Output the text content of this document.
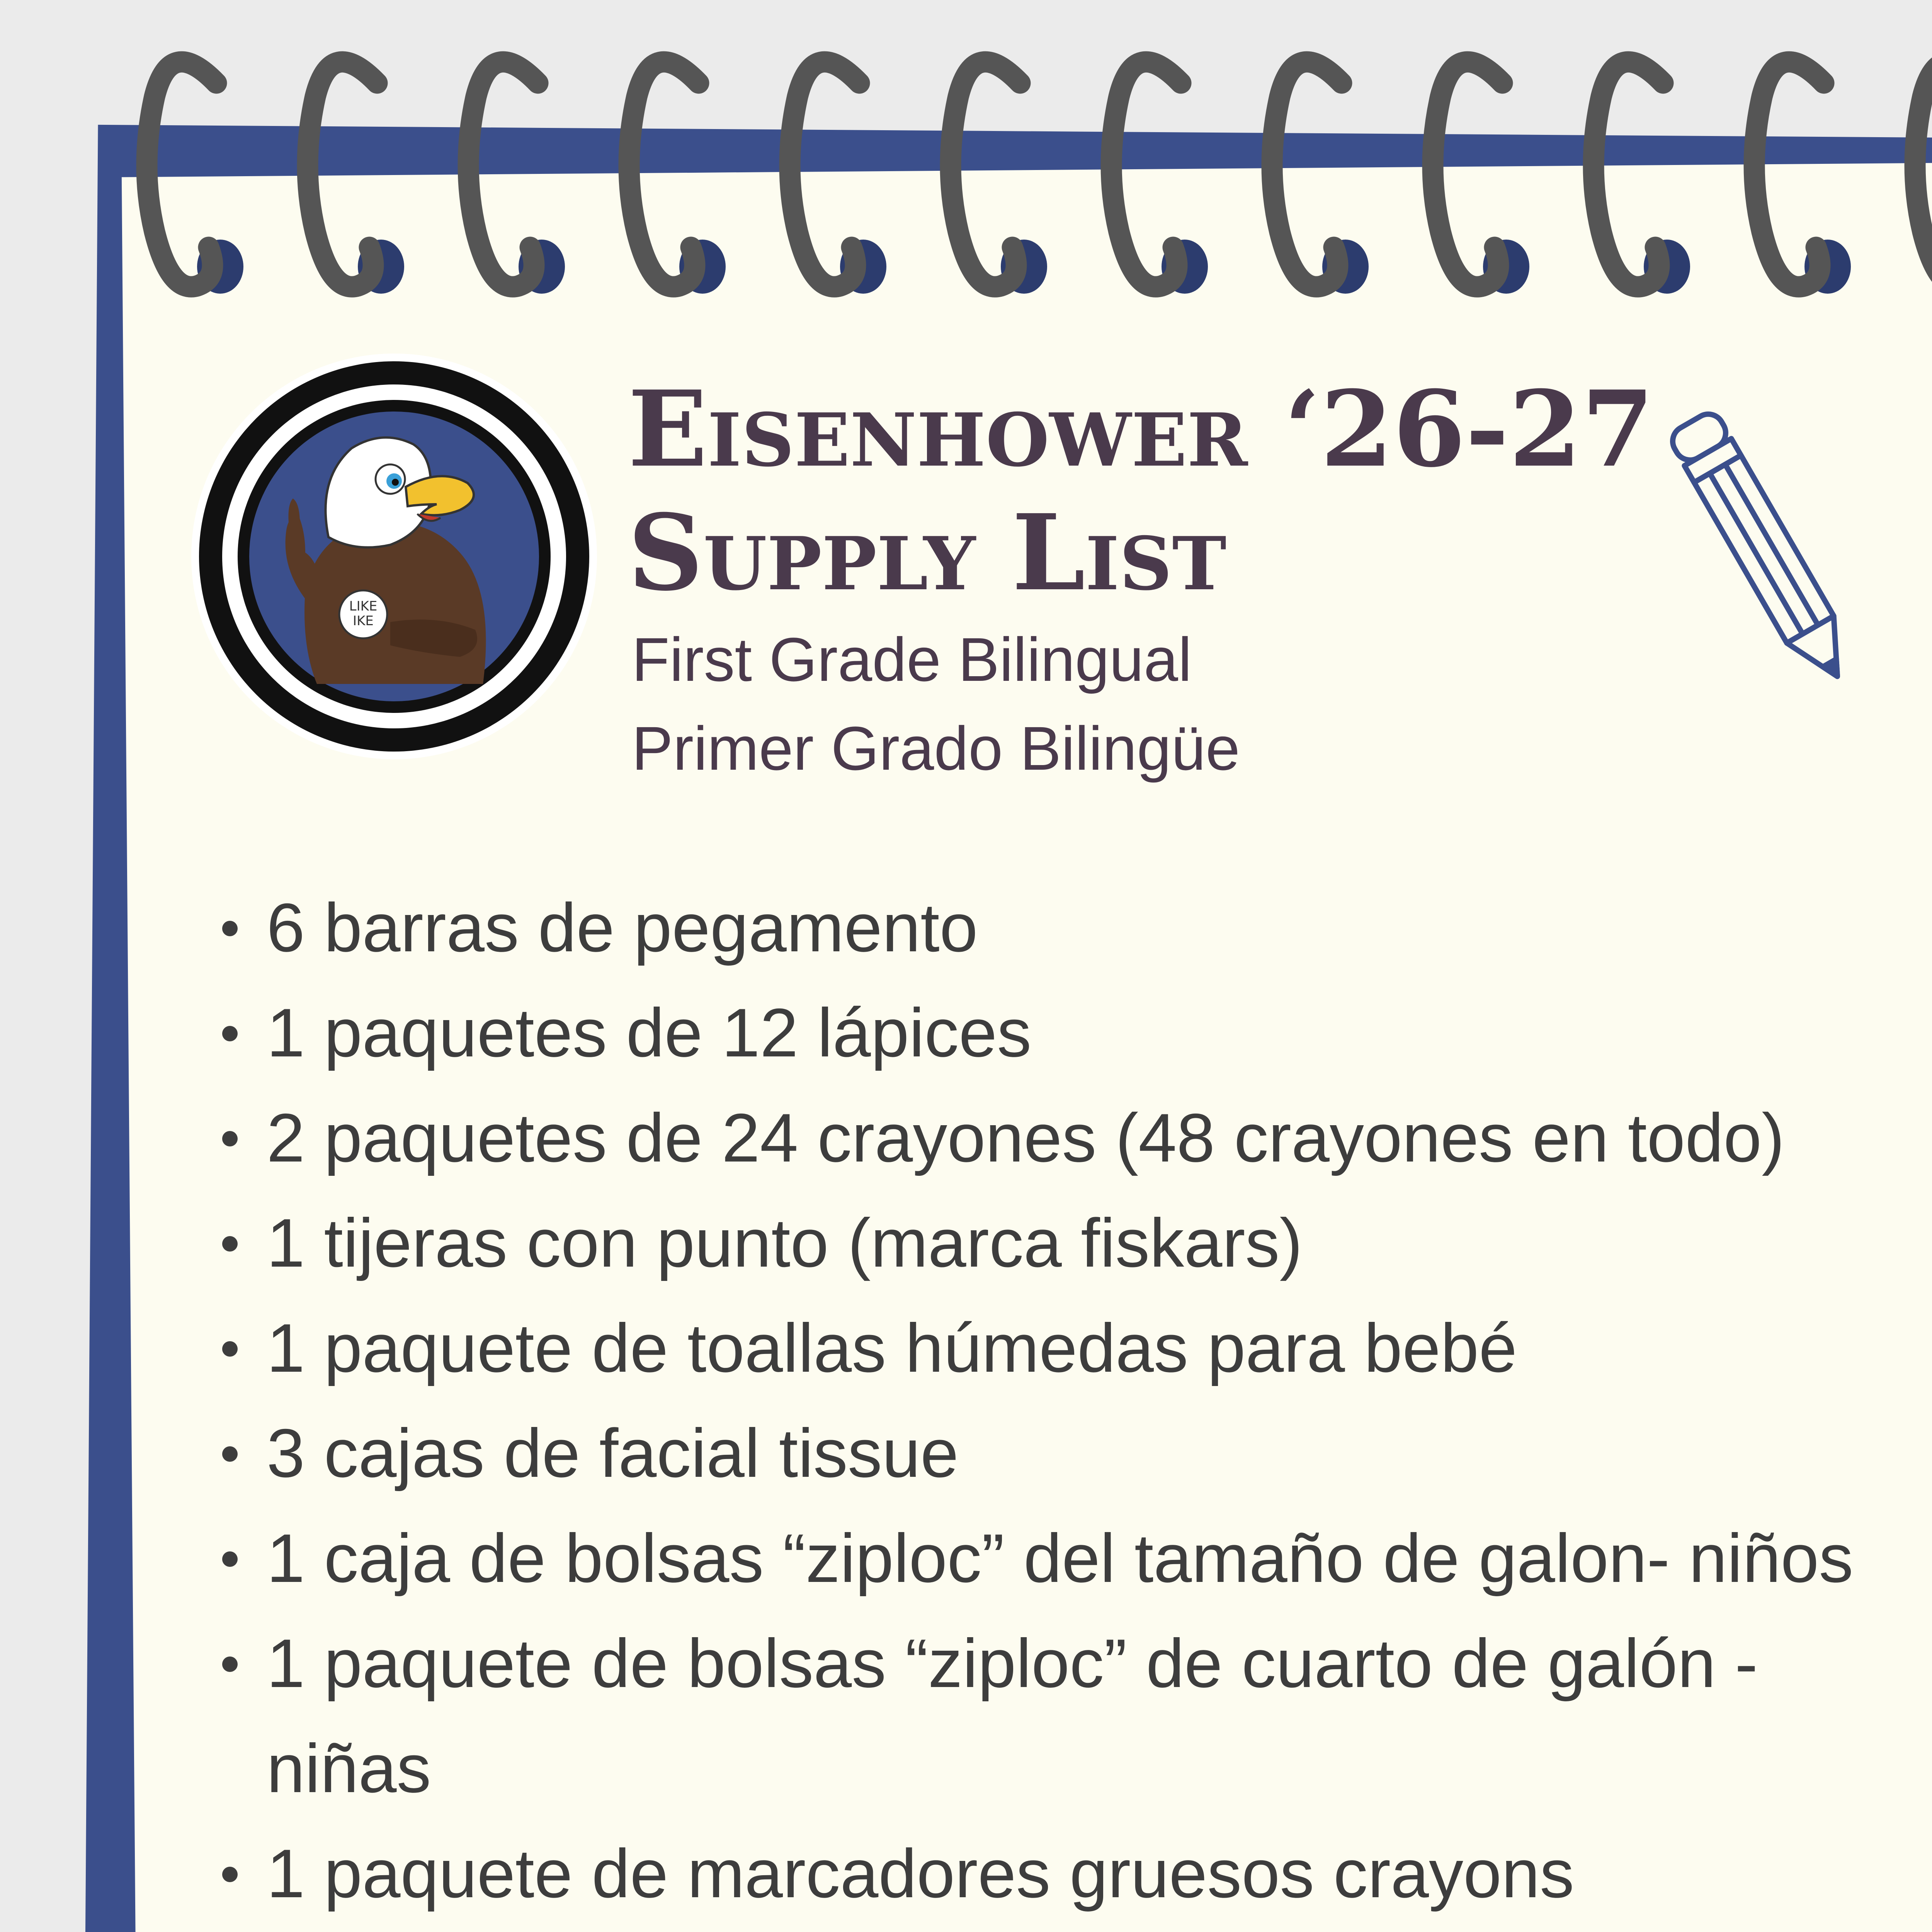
LIKE
IKE
Eisenhower ‘26-27 Supply List

First Grade Bilingual

Primer Grado Bilingüe

6 barras de pegamento
1 paquetes de 12 lápices
2 paquetes de 24 crayones (48 crayones en todo)
1 tijeras con punto (marca fiskars)
1 paquete de toallas húmedas para bebé
3 cajas de facial tissue
1 caja de bolsas “ziploc” del tamaño de galon- niños
1 paquete de bolsas “ziploc” de cuarto de galón - niñas
1 paquete de marcadores gruesos crayons
